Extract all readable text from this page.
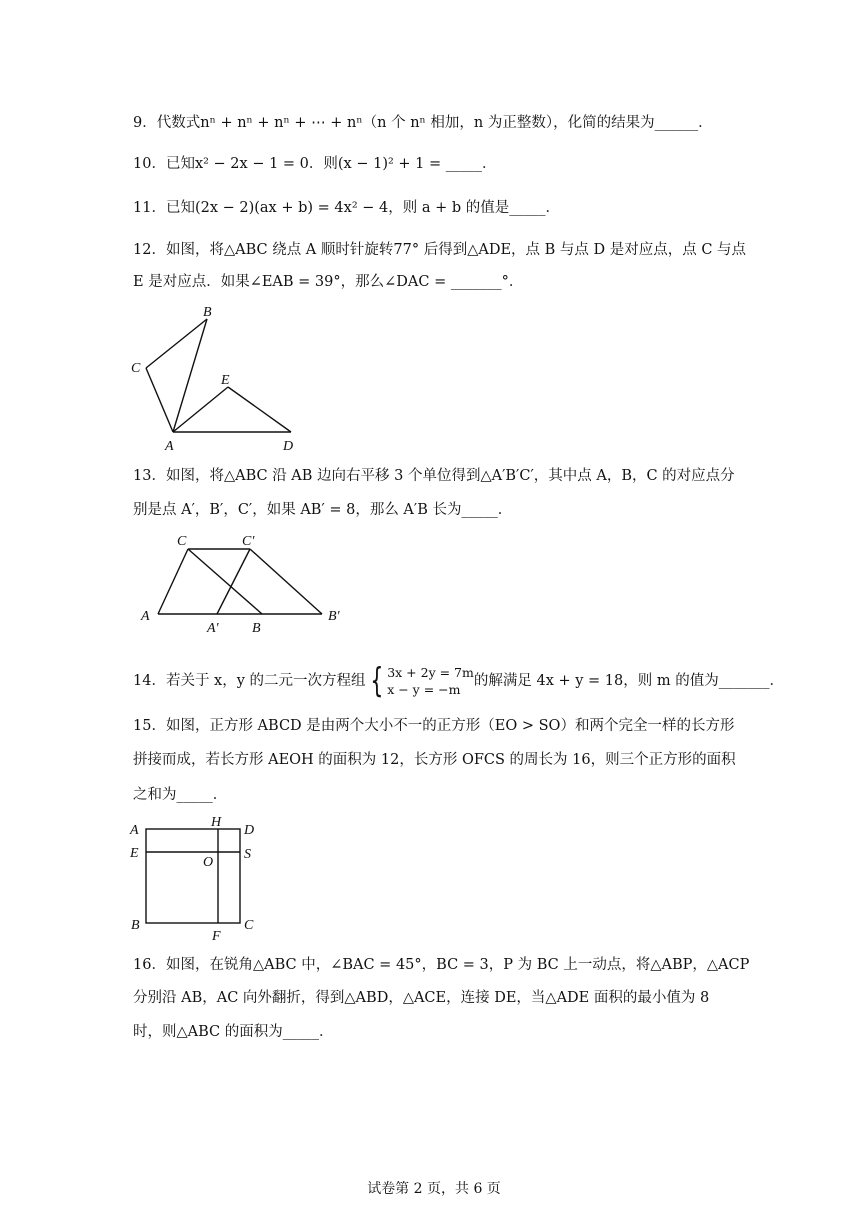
9．代数式nⁿ + nⁿ + nⁿ + ⋯ + nⁿ（n 个 nⁿ 相加，n 为正整数），化简的结果为______．
10．已知x² − 2x − 1 = 0．则(x − 1)² + 1 = _____．
11．已知(2x − 2)(ax + b) = 4x² − 4，则 a + b 的值是_____．
12．如图，将△ABC 绕点 A 顺时针旋转77° 后得到△ADE，点 B 与点 D 是对应点，点 C 与点
E 是对应点．如果∠EAB = 39°，那么∠DAC = _______°．
B
C
E
A	D
13．如图，将△ABC 沿 AB 边向右平移 3 个单位得到△A′B′C′，其中点 A，B，C 的对应点分
别是点 A′，B′，C′，如果 AB′ = 8，那么 A′B 长为_____．
C	C′
A
A′ B
B′
14．若关于 x，y 的二元一次方程组 { 3x + 2y = 7m
x − y = −m
的解满足 4x + y = 18，则 m 的值为_______．
15．如图，正方形 ABCD 是由两个大小不一的正方形（EO > SO）和两个完全一样的长方形
拼接而成，若长方形 AEOH 的面积为 12，长方形 OFCS 的周长为 16，则三个正方形的面积
之和为_____．
A
H
D
E
O
S
B
F
C
16．如图，在锐角△ABC 中，∠BAC = 45°，BC = 3，P 为 BC 上一动点，将△ABP，△ACP
分别沿 AB，AC 向外翻折，得到△ABD，△ACE，连接 DE，当△ADE 面积的最小值为 8
时，则△ABC 的面积为_____．
试卷第 2 页，共 6 页
